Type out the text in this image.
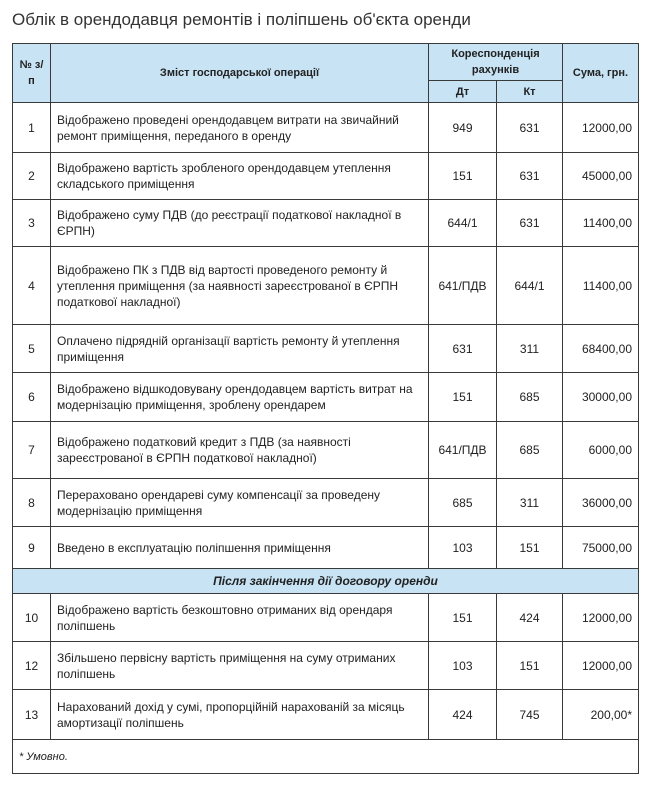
Облік в орендодавця ремонтів і поліпшень об'єкта оренди
№ з/п	Зміст господарської операції	Кореспонденція рахунків		Сума, грн.
		Дт	Кт	
1	Відображено проведені орендодавцем витрати на звичайний ремонт приміщення, переданого в оренду	949	631	12000,00
2	Відображено вартість зробленого орендодавцем утеплення складського приміщення	151	631	45000,00
3	Відображено суму ПДВ (до реєстрації податкової накладної в ЄРПН)	644/1	631	11400,00
4	Відображено ПК з ПДВ від вартості проведеного ремонту й утеплення приміщення (за наявності зареєстрованої в ЄРПН податкової накладної)	641/ПДВ	644/1	11400,00
5	Оплачено підрядній організації вартість ремонту й утеплення приміщення	631	311	68400,00
6	Відображено відшкодовувану орендодавцем вартість витрат на модернізацію приміщення, зроблену орендарем	151	685	30000,00
7	Відображено податковий кредит з ПДВ (за наявності зареєстрованої в ЄРПН податкової накладної)	641/ПДВ	685	6000,00
8	Перераховано орендареві суму компенсації за проведену модернізацію приміщення	685	311	36000,00
9	Введено в експлуатацію поліпшення приміщення	103	151	75000,00
Після закінчення дії договору оренди				
10	Відображено вартість безкоштовно отриманих від орендаря поліпшень	151	424	12000,00
12	Збільшено первісну вартість приміщення на суму отриманих поліпшень	103	151	12000,00
13	Нарахований дохід у сумі, пропорційній нарахованій за місяць амортизації поліпшень	424	745	200,00*
* Умовно.				
